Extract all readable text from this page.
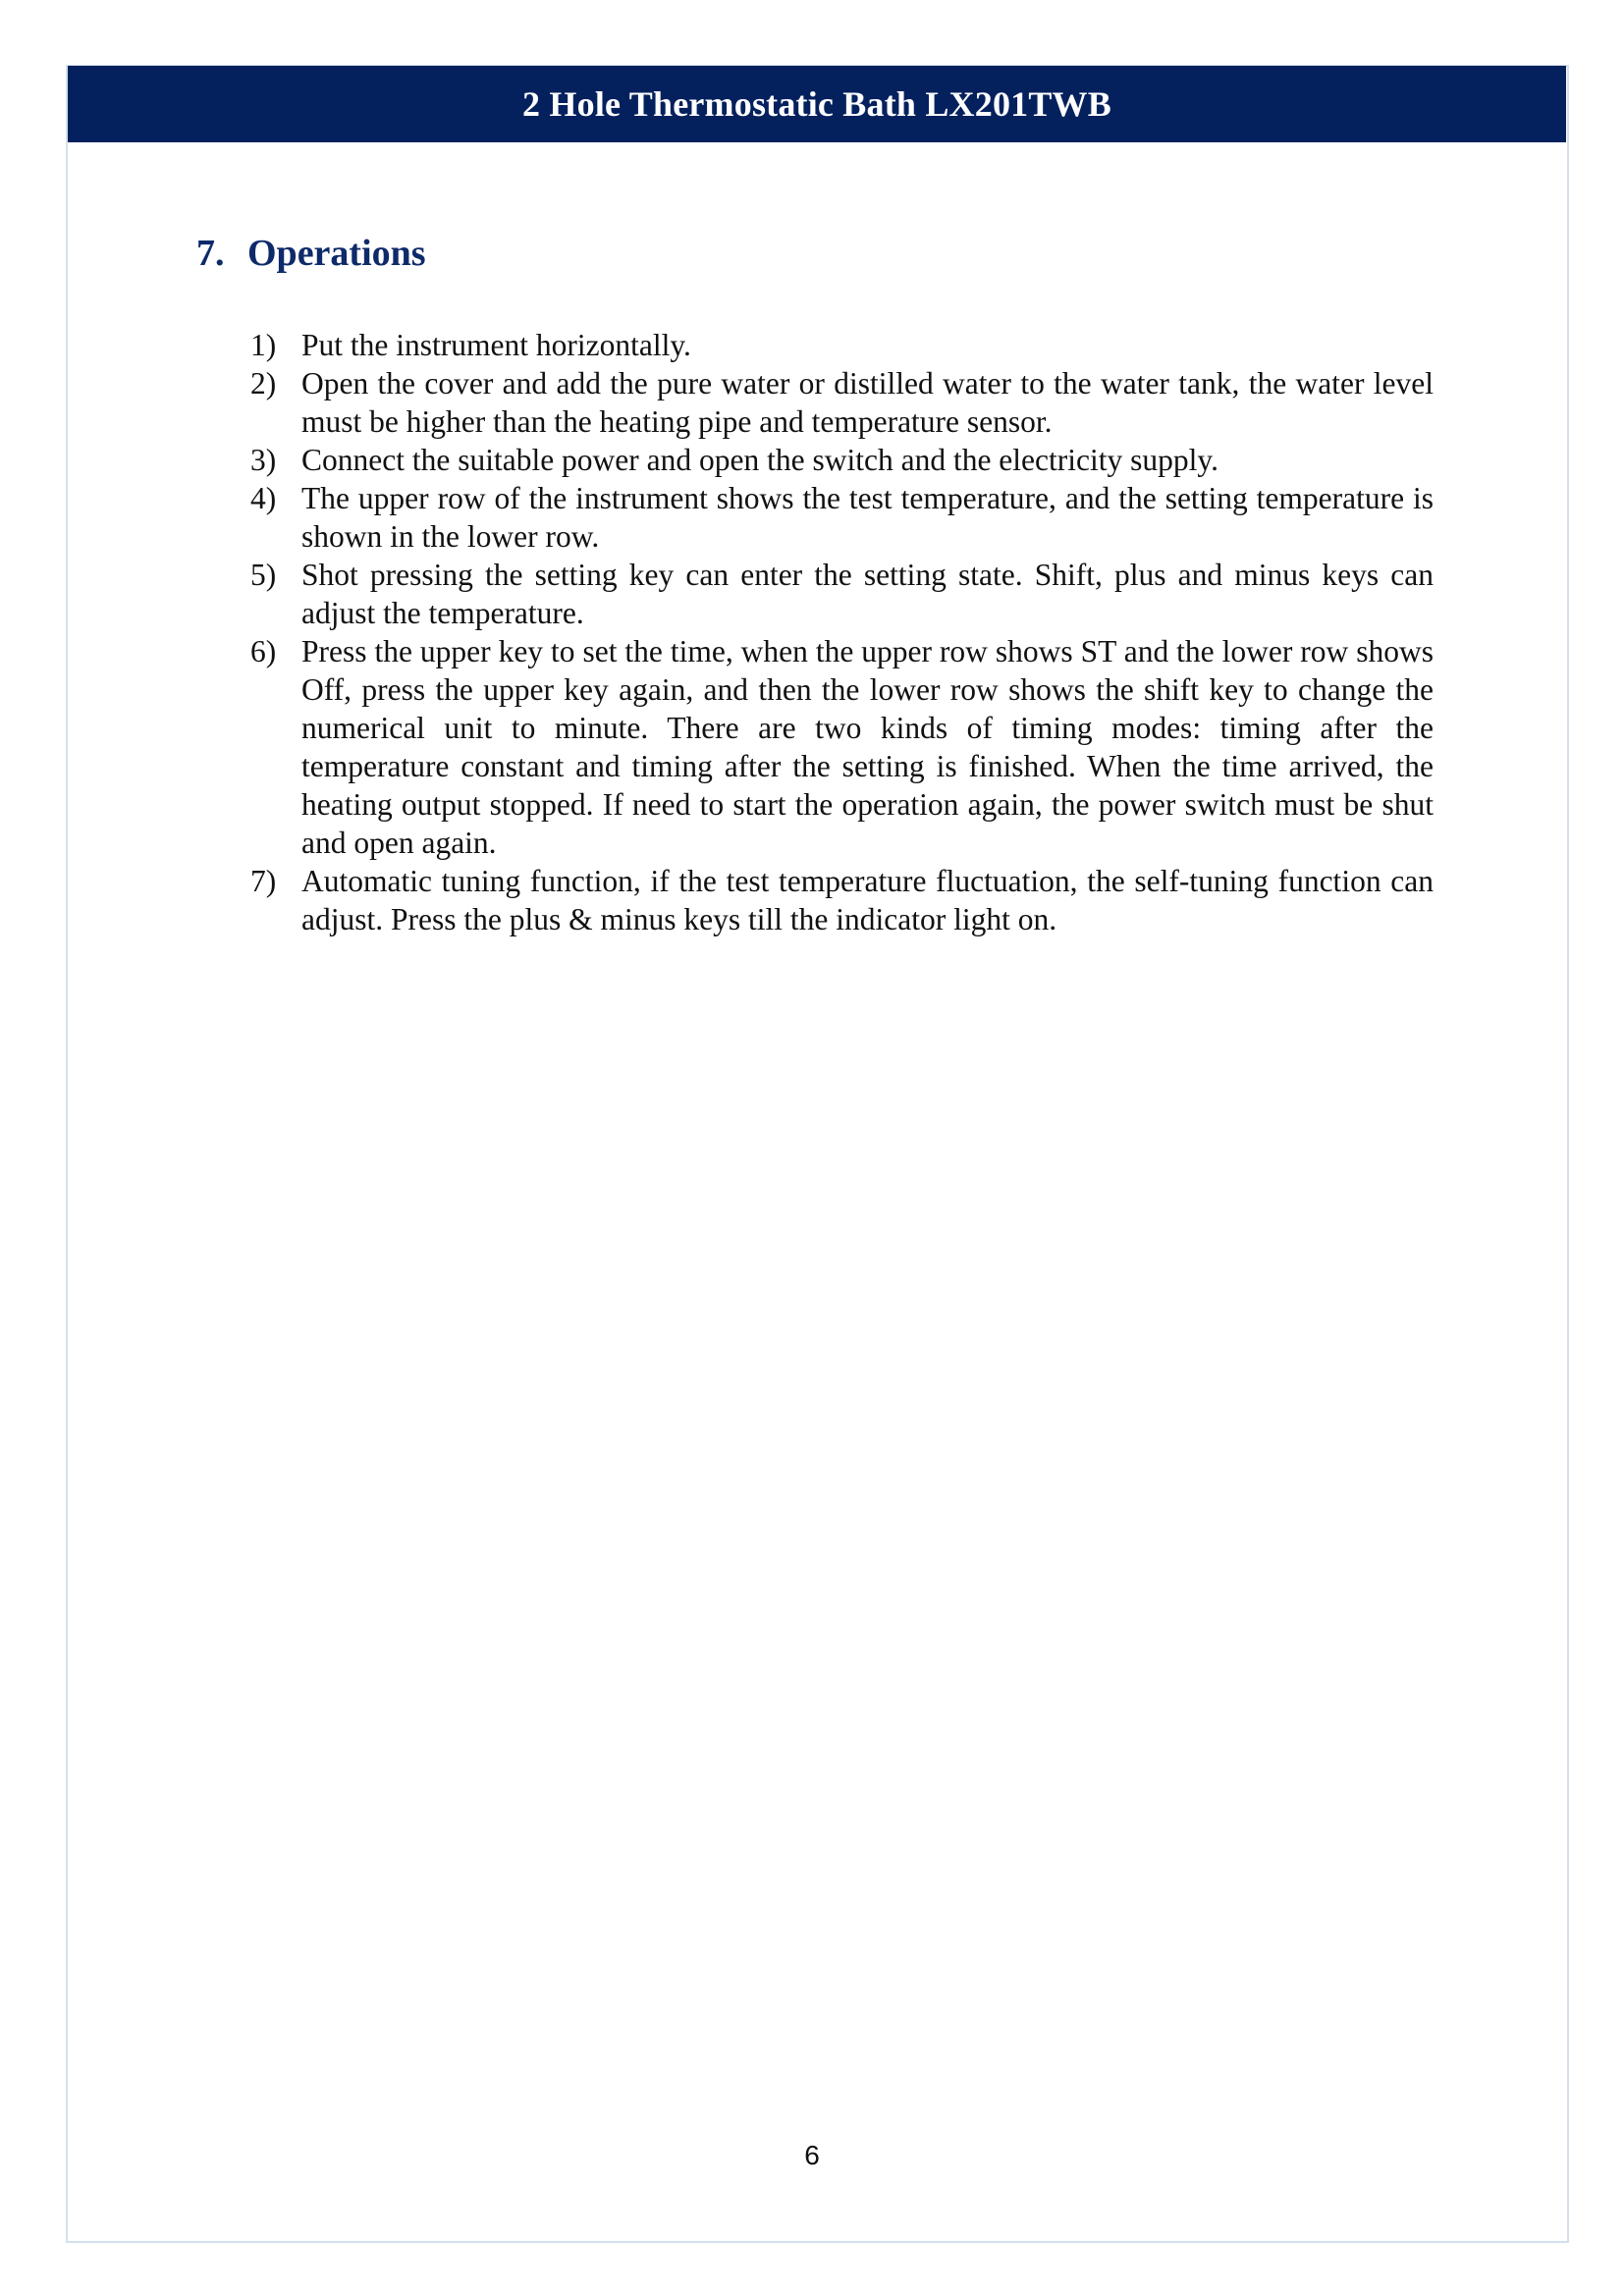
2 Hole Thermostatic Bath LX201TWB
7. Operations
1) Put the instrument horizontally.
2) Open the cover and add the pure water or distilled water to the water tank, the water level must be higher than the heating pipe and temperature sensor.
3) Connect the suitable power and open the switch and the electricity supply.
4) The upper row of the instrument shows the test temperature, and the setting temperature is shown in the lower row.
5) Shot pressing the setting key can enter the setting state. Shift, plus and minus keys can adjust the temperature.
6) Press the upper key to set the time, when the upper row shows ST and the lower row shows Off, press the upper key again, and then the lower row shows the shift key to change the numerical unit to minute. There are two kinds of timing modes: timing after the temperature constant and timing after the setting is finished. When the time arrived, the heating output stopped. If need to start the operation again, the power switch must be shut and open again.
7) Automatic tuning function, if the test temperature fluctuation, the self-tuning function can adjust. Press the plus & minus keys till the indicator light on.
6
